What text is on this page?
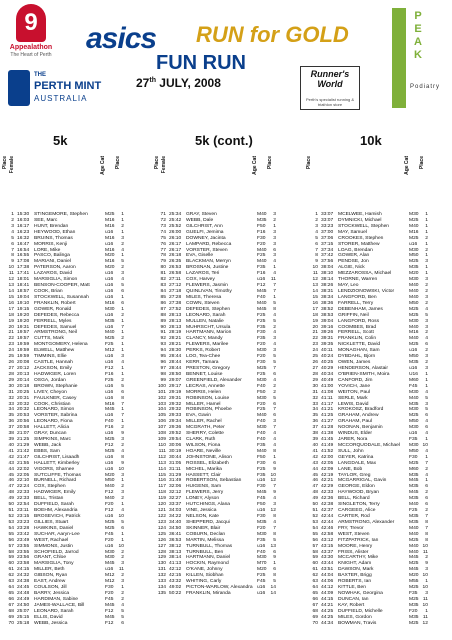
9
Appealathon
The Heart of Perth asics RUN for GOLD
FUN RUN
27th JULY, 2008
THE
PERTH MINT
AUSTRALIA
Runner's World
Perth's specialist running & triathlon store
P
E
A
K
Podiatry
5k	5k (cont.)	10k
Place Female	Age Cat Place
1 15:30 STINGEMORE, Stephen	M25	1
2 16:03 SEE, Marc	M16	1
3 16:17 HUNT, Brendan	M16	2
4 16:23 HEYWOOD, Ethan	u16	1
5 16:32 BRUINS, Thomas	M16	3
6 16:47 MORRIS, Kenji	u16	2
7 16:54 LORE, Mike	M16	4
8 16:55 PASCO, Balinga	M20	1
9 17:08 MARIANI, Daniel	M16	5
10 17:38 PATERSON, Aaron	M20	2
11 17:41 LAZAROS, David	u16	3
12 18:01 MARSIGLIA, Simon	u16	4
13 18:41 BENSON-COOPER, Matt	u16	5
14 18:57 COOK, Brian	u16	6
15 19:04 STOCKWELL, Susannah	u16	1
16 19:10 FRANKLIN, Robert	M16	6
17 19:15 GOWER, Ronald	M30	1
18 19:20 DEFEDES, Rebecca	u16	2
19 19:20 FERRELL, Myles	M35	1
20 19:31 DEFEDES, Samuel	u16	7
21 19:57 ARMSTRONG, Neil	M40	1
22 19:57 CUTTS, Mark	M25	2
23 19:59 MONTGOMERY, Helena	F25	1
24 19:59 ELWELL, Matthew	M12	1
25 19:59 TIMMINS, Ellie	u16	3
26 20:08 CASTLE, Hannah	u16	4
27 20:12 JACKSON, Emily	F12	1
28 20:13 HADWIGER, Loren	F16	1
29 20:14 OSGA, Jordan	F25	2
30 20:18 BROWN, Stephanie	u16	5
31 20:25 LIVEY, Cheyon	u16	6
32 20:31 FAULKNER, Casey	u16	8
33 20:32 COOK, Christian	M16	7
34 20:32 LEONARD, Simon	M45	1
35 20:53 VORSTER, Sabrina	u16	7
36 20:56 LEONARD, Fiona	F40	1
37 20:58 HALLETT, Alicia	F16	2
38 21:07 GRAY, Duncan	u16	9
39 21:25 SIMPKINS, Marc	M25	3
40 21:29 WEBB, Jack	F12	2
41 21:42 EBBS, Sam	M25	4
42 21:47 GILCHRIST, Lisaadh	u16	8
43 21:55 HALLETT, Kimberley	u16	9
44 22:02 VIGORS, Sharnee	u16 10
45 22:05 SUTCLIFFE, Thomas	M20	3
46 22:10 BURNELL, Richard	M50	1
47 22:24 COX, Stephen	M40	2
48 22:33 HADWIGER, Emily	F12	3
49 22:33 BELL, Tristan	M40	2
50 22:54 DUFFIELD, Sarah	F20	1
51 23:11 BOEHM, Alexandria	F12	4
52 23:15 BROSEVICH, Patrick	u16 10
53 23:23 GILLIES, Stuart	M25	5
54 23:28 HAWKINS, Daniel	M25	6
55 23:42 SUCHAR, Aaryn-Lee	F45	1
56 23:49 WEST, Rachael	F20	1
57 23:55 SIMMONS, Justin	u16 10
58 23:55 SCHOFIELD, Jarrod	M30	2
59 23:56 GRANT, Chloe	M30	2
60 23:58 MARSIGLIA, Tony	M45	3
61 24:15 MILLER, Beth	u16 11
62 24:32 GIBSON, Ryan	M12	2
63 24:38 EAST, Andrew	M12	3
64 24:45 COULSON, Jill	F30	1
65 24:48 BARRY, Jessica	F20	2
66 24:49 HARDIMAN, Sabine	F45	2
67 24:50 JAMES-WALLACE, Bill	M45	4
68 25:07 LEONARD, Sarah	F12	5
69 25:15 ELLIS, David	M45	5
70 25:18 WEBB, Jessica	F12	6
Place Female	Age Cat Place
71 25:34 GRAY, Steven	M40	3
72 25:42 WEBB, Dale	M35	2
73 25:52 GILCHRIST, Ann	F50	1
74 26:00 GUELFI, Jemima	F16	3
75 26:10 DOWNEY, Jacinta	F30	3
76 26:17 LAMPARD, Rebecca	F20	3
77 26:17 VORSTER, Steven	M40	6
78 26:18 EVA, Giselle	F25	3
79 26:35 BLACKMAN, Merryn	M40	4
80 26:53 BROSNAN, Justine	F35	1
81 26:58 LAZAROS, Teri	F16	4
82 27:11 COX, Harvey	u16 11
83 27:12 FLEWERS, Jasmin	F12	7
84 27:18 QUINLIVAN, Timothy	M45	7
85 27:28 MILES, Theresa	F40	1
86 27:38 COWN, Steven	M40	5
87 27:52 DEFEDES, Stephen	M45	8
88 28:13 LEONARD, Sarah	F25	4
89 28:13 MULLEN, Natalie	F25	5
90 28:13 MUHRSCHT, Ursula	F35	2
91 28:19 HARTMANN, Marion	F30	4
92 28:21 CLANCY, Mandy	F35	3
93 28:21 FLEWERS, Marilee	F20	4
94 28:30 PERKS, Robert	M30	3
95 28:44 LOO, Tea-Chee	F20	5
96 28:44 KERR, Tamara	F30	5
97 28:44 PRESTON, Gregory	M25	7
98 28:50 BENNET, Louise	F25	6
99 29:07 GREENFIELD, Alexander	M30	4
100 29:17 LECRAS, Annette	F40	2
101 29:19 MORRIS, Helen	F50	2
102 29:31 ROBINSON, Louise	M30	5
103 29:32 MILLER, Hamel	F20	6
104 29:32 ROBINSON, Phoebe	F25	7
105 29:33 EVA, Gavin	M40	6
106 29:34 MILLER, Rachel	F40	3
107 29:36 MCGRATH, Peter	M30	7
108 29:52 SHERRY, Colette	F40	4
109 29:54 CLARK, Ruth	F40	4
110 30:06 WILSON, Fiona	F35	4
111 30:19 HOARE, Neville	M40	8
112 30:44 JOHNSTONE, Alison	F50	1
113 31:05 ROSSEL, Elizabeth	F30	6
114 31:11 MICHEL, Marika	F25	9
115 31:29 HASSETT, Clair	F35 10
116 31:49 ROBERTSON, Sebastian	u16 12
117 32:06 HUIGENS, Sam	F30	7
118 32:12 FLEWERS, Jerry	M45	9
119 32:27 LONEY, Alyson	F45	4
120 33:37 HUTCHINGS, Alana	F50	3
121 34:03 VINE, Jessica	u16 12
122 34:22 NELSON, Kate	F30	8
123 34:40 SHEPPERD, Jacqui	M35	4
124 34:50 SKINNER, Blair	F20	7
125 36:41 COBURN, Declan	M30	8
126 36:53 MARTIN, Melissa	F35	5
127 38:12 TURNBULL, Thomas	u16 13
128 38:13 TURNBULL, Ben	F40	6
129 38:14 HARTMANN, Daniel	M30	9
130 41:13 HOCKIN, Raymond	M70	1
131 42:12 O'KANE, Johnny	M20	6
132 42:15 KILLEN, Siobhan	F25	8
133 43:32 WHITING, Carly	F45	5
134 49:02 PICTON-WARLOW, Alexandra u16 14
135 50:22 FRANKLIN, Miranda	u16 14
Place	Age Cat Place
1 33:07 MCELWEE, Hamish	M30	1
2 33:07 DYMNICKI, Michael	M25	1
3 33:23 STOCKWELL, Stephen	M40	1
4 37:00 MAY, Samuel	M16	1
5 37:06 CROOKES, Stephen	M25	2
6 37:15 STORER, Matthew	u16	1
7 37:34 LOAG, Brendan	M30	2
8 37:42 GOWER, Alan	M50	1
9 37:56 PENDSE, Jon	M25	3
10 38:04 ALGIE, Nick	M35	1
11 38:10 MEZZAROSSA, Michael	M20	1
12 38:14 THORNE, Warren	M30	3
13 38:26 MAY, Leo	M40	2
14 38:31 LENDZIONOWSKI, Victor	M40	2
15 38:34 LANGFORD, Ben	M40	3
16 38:36 FARRELL, Terry	M50	2
17 38:52 DEBENHAM, James	M25	4
18 38:53 GRIFFIN, Neil	M25	5
19 39:04 LANGFORD, Ross	M30	3
20 39:16 COOMBES, Brad	M40	3
21 39:26 FERRELL, Scott	M16	2
22 39:31 FRANKLIN, Colin	M40	4
23 39:35 NICKLETTE, David	M25	6
24 40:11 MONAGHAN, Sam	u16	2
25 40:24 DYBDAHL, Bjorn	M50	3
26 40:25 OWEN, James	M35	2
27 40:29 HENDERSON, Alastair	u16	3
28 40:34 O'BRIEN-SMITH, Moira	U16	1
29 40:49 CANFORD, Jim	M60	1
30 41:00 YOVICH, Jane	F45	1
31 41:08 WEITON, Paul	M30	4
32 41:11 SERLE, Mark	M40	5
33 41:17 LEWIS, David	M35	3
34 41:21 KROKOSZ, Bradford	M30	5
35 41:25 GRAHAM, Andrew	M25	6
36 41:27 GRAHAM, Paul	M50	4
37 41:28 NOONAN, Benjamin	M30	6
38 41:38 WINDUS, Elder	u16	4
39 41:45 JARER, Nora	F35	1
40 41:49 MCCORQUODALE, Michael M30 10
41 41:52 SULL, John	M50	4
42 42:00 GEYER, Katrina	F30	1
43 42:05 LANGDALE, Max	M25	7
44 42:09 LANE, Bob	M60	2
45 42:19 TAYLOR, Greg	M35	4
46 42:21 MCGARRIGAL, Gavin	M45	1
47 42:29 GEORGE, Eldon	M35	6
48 42:33 HAYWOOD, Bryan	M45	2
49 42:36 BELL, Richard	M35	6
50 42:38 SINGLETON, Terry	M40	6
51 42:37 CARGEEG, Alice	F25	2
52 42:44 CARTER, Rod	M35	7
53 42:44 ARMSTRONG, Alexander	M35	8
54 42:46 FRY, Trevor	M40	7
55 42:58 WEST, Steven	M40	8
56 43:12 FITZPATRICK, Ian	M25	8
57 43:15 MOORE, Henry	M40 10
58 43:37 FRISS, Alister	M40 11
59 43:30 MCCARTHY, Mike	M45	2
60 43:44 KNIGHT, Adam	M25	9
61 43:51 DAWSON, Mark	M45	3
62 44:04 BAXTER, Brigg	M20 10
63 44:06 ROBERTS, Ian	M55	1
64 44:12 KITTLE, Ben	M25 10
65 44:09 NOWHAK, Georgina	F35	3
66 44:15 DUNCAN, Ian	M25 11
67 44:21 KAY, Robert	M35 10
68 44:25 DUFFIELD, Michelle	F20	1
69 44:25 MILES, Gordon	M35 11
70 44:34 BOWMAN, Travis	M25 12
